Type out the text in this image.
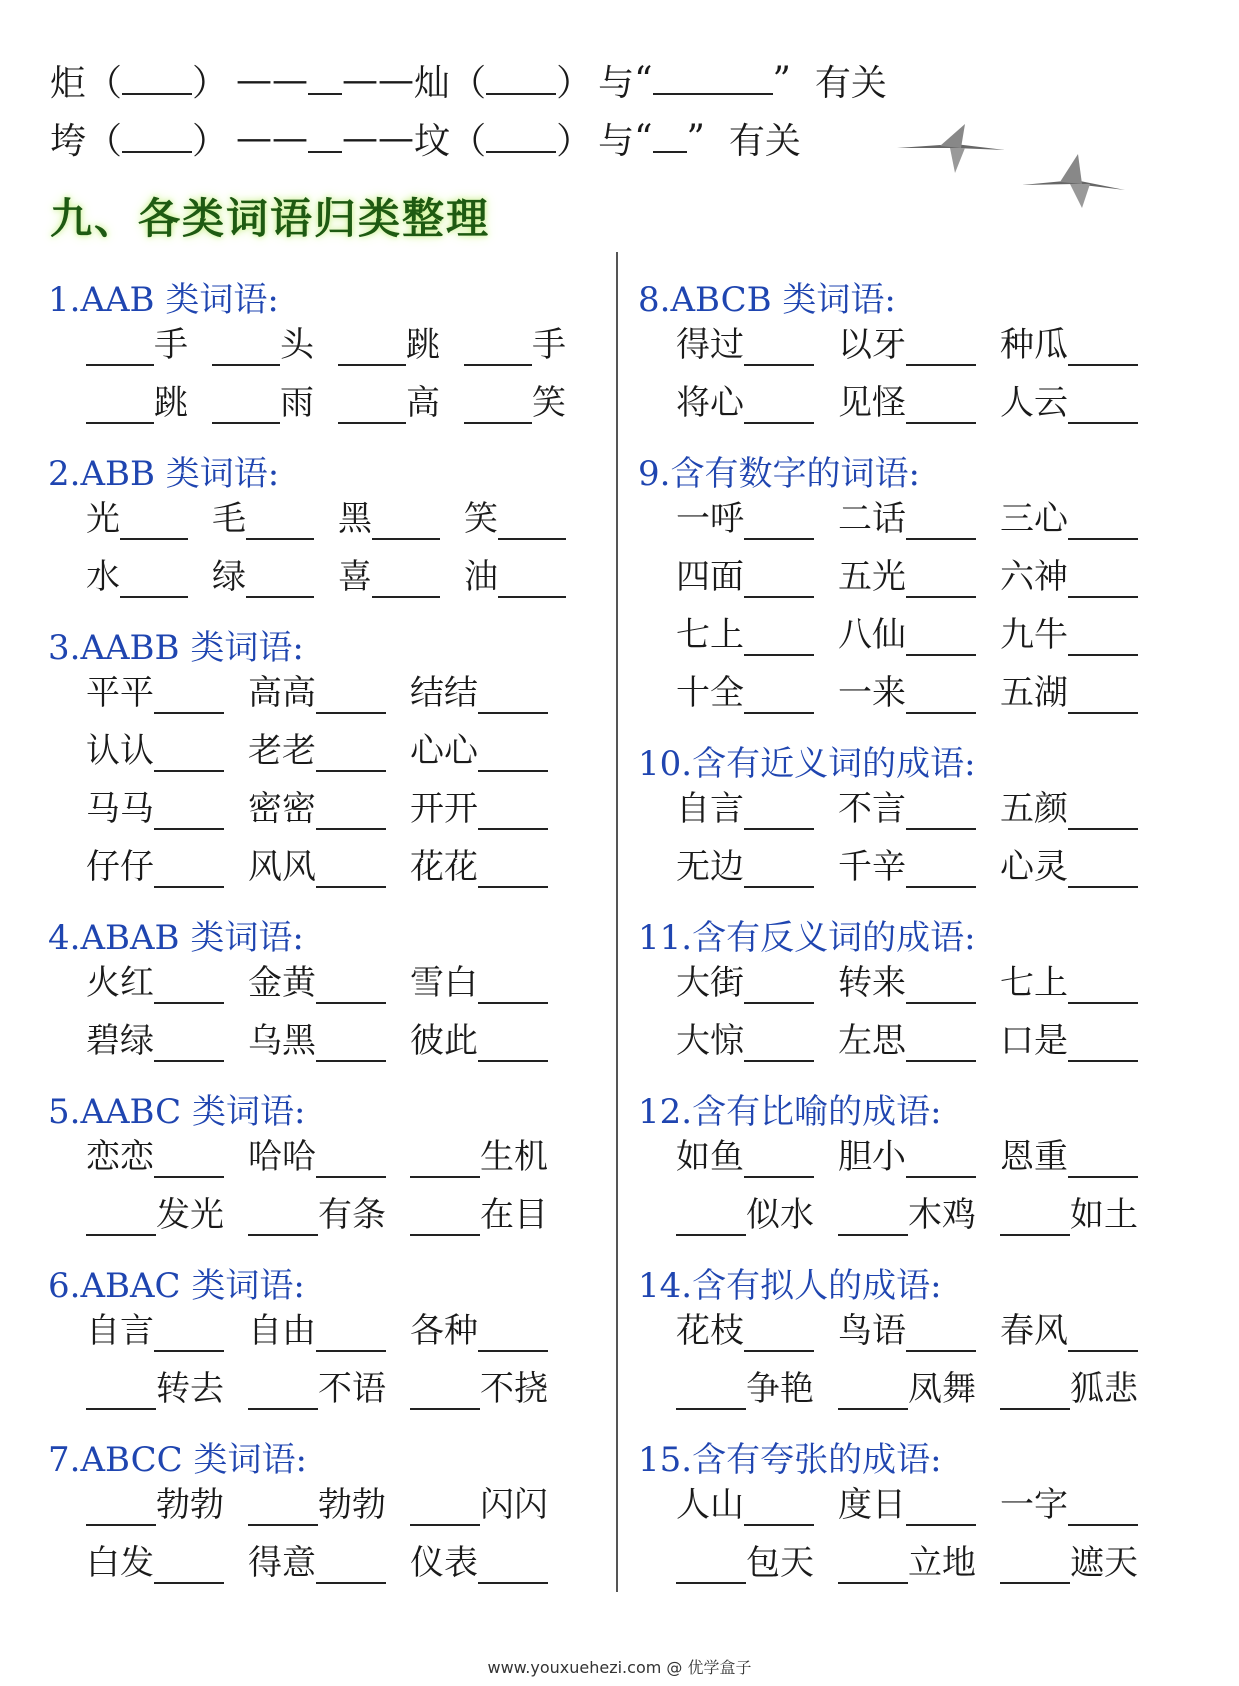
炬 （ ） —— —— 灿 （ ） 与 “	” 有关
垮 （ ） —— —— 坟 （ ） 与 “ ” 有关
九、各类词语归类整理
1.AAB 类词语:
手	头	跳	手
跳	雨	高	笑
2.ABB 类词语:
光	毛	黑	笑
水	绿	喜	油
3.AABB 类词语:
平平	高高	结结
认认	老老	心心
马马	密密	开开
仔仔	风风	花花
4.ABAB 类词语:
火红	金黄	雪白
碧绿	乌黑	彼此
5.AABC 类词语:
恋恋	哈哈	生机
发光	有条	在目
6.ABAC 类词语:
自言	自由	各种
转去	不语	不挠
7.ABCC 类词语:
勃勃	勃勃	闪闪
白发	得意	仪表
8.ABCB 类词语:
得过	以牙	种瓜
将心	见怪	人云
9.含有数字的词语:
一呼	二话	三心
四面	五光	六神
七上	八仙	九牛
十全	一来	五湖
10.含有近义词的成语:
自言	不言	五颜
无边	千辛	心灵
11.含有反义词的成语:
大街	转来	七上
大惊	左思	口是
12.含有比喻的成语:
如鱼	胆小	恩重
似水	木鸡	如土
14.含有拟人的成语:
花枝	鸟语	春风
争艳	凤舞	狐悲
15.含有夸张的成语:
人山	度日	一字
包天	立地	遮天
www.youxuehezi.com @ 优学盒子
